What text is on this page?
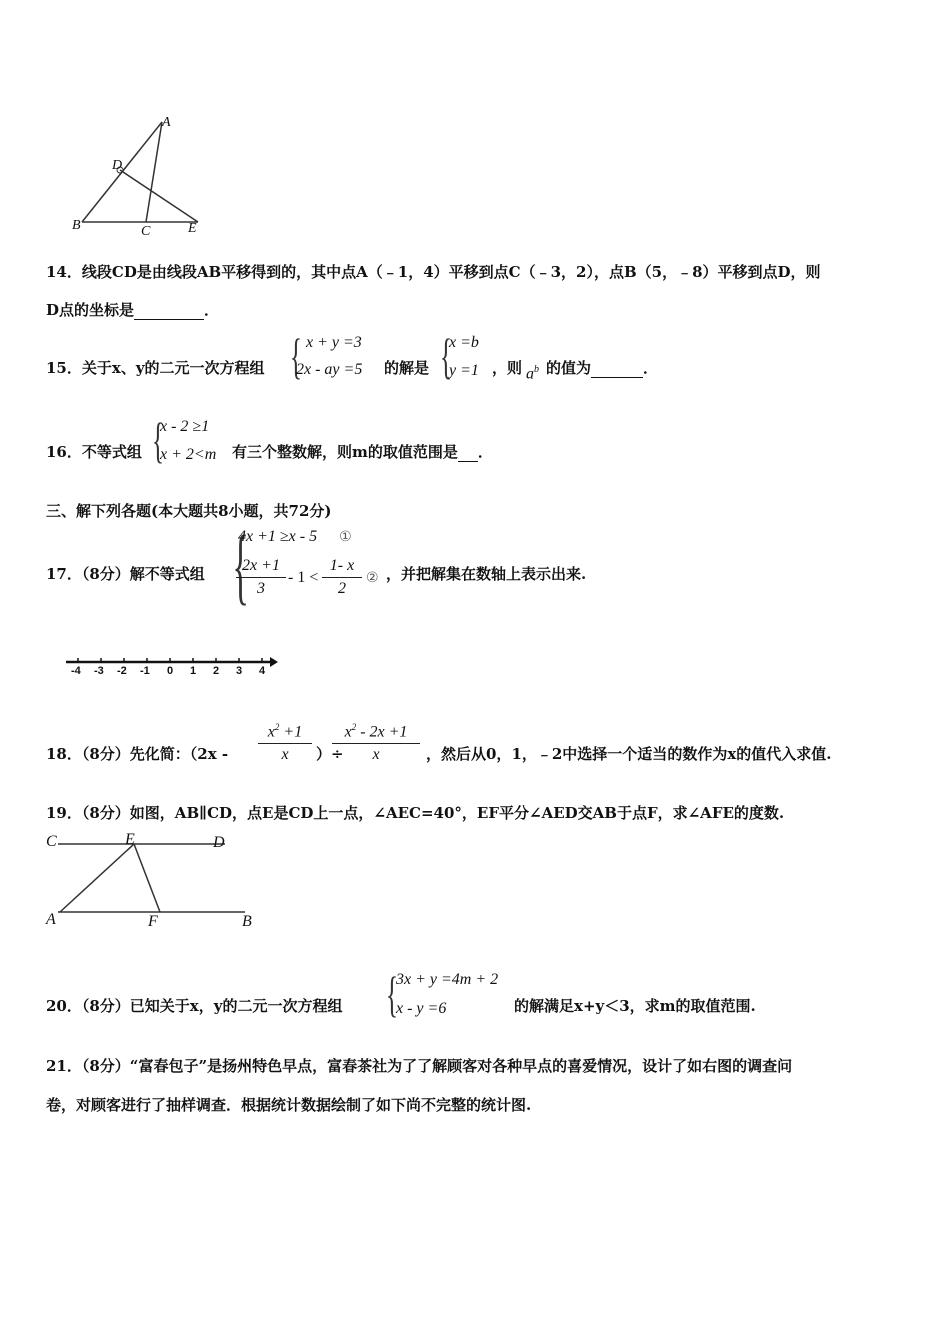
A
D
B	C	E
14．线段CD是由线段AB平移得到的，其中点A（﹣1，4）平移到点C（﹣3，2），点B（5，﹣8）平移到点D，则
D点的坐标是	．
15．关于x、y的二元一次方程组 { x + y =3
2x - ay =5 的解是 {
x =b
y =1 ，则 $a^b$ 的值为	．
16．不等式组 {
x - 2 ≥1
x + 2<m 有三个整数解，则m的取值范围是 ．
三、解下列各题(本大题共8小题，共72分)
17．（8分）解不等式组 {
4x +1 ≥x - 5 ①
2x +1
3
- 1 <
1- x
2
② ，并把解集在数轴上表示出来.
-4 -3 -2 -1 0 1 2 3 4
18．（8分）先化简：（2x -
$x^2 +1$
x	）÷
$x^2 - 2x +1$
x	，然后从0，1，﹣2中选择一个适当的数作为x的值代入求值.
19．（8分）如图，AB∥CD，点E是CD上一点，∠AEC=40°，EF平分∠AED交AB于点F，求∠AFE的度数.
C	E	D
A	F	B
20．（8分）已知关于x，y的二元一次方程组 {
3x + y =4m + 2
x - y =6	的解满足x+y＜3，求m的取值范围.
21．（8分）“富春包子”是扬州特色早点，富春茶社为了了解顾客对各种早点的喜爱情况，设计了如右图的调查问
卷，对顾客进行了抽样调查．根据统计数据绘制了如下尚不完整的统计图.
